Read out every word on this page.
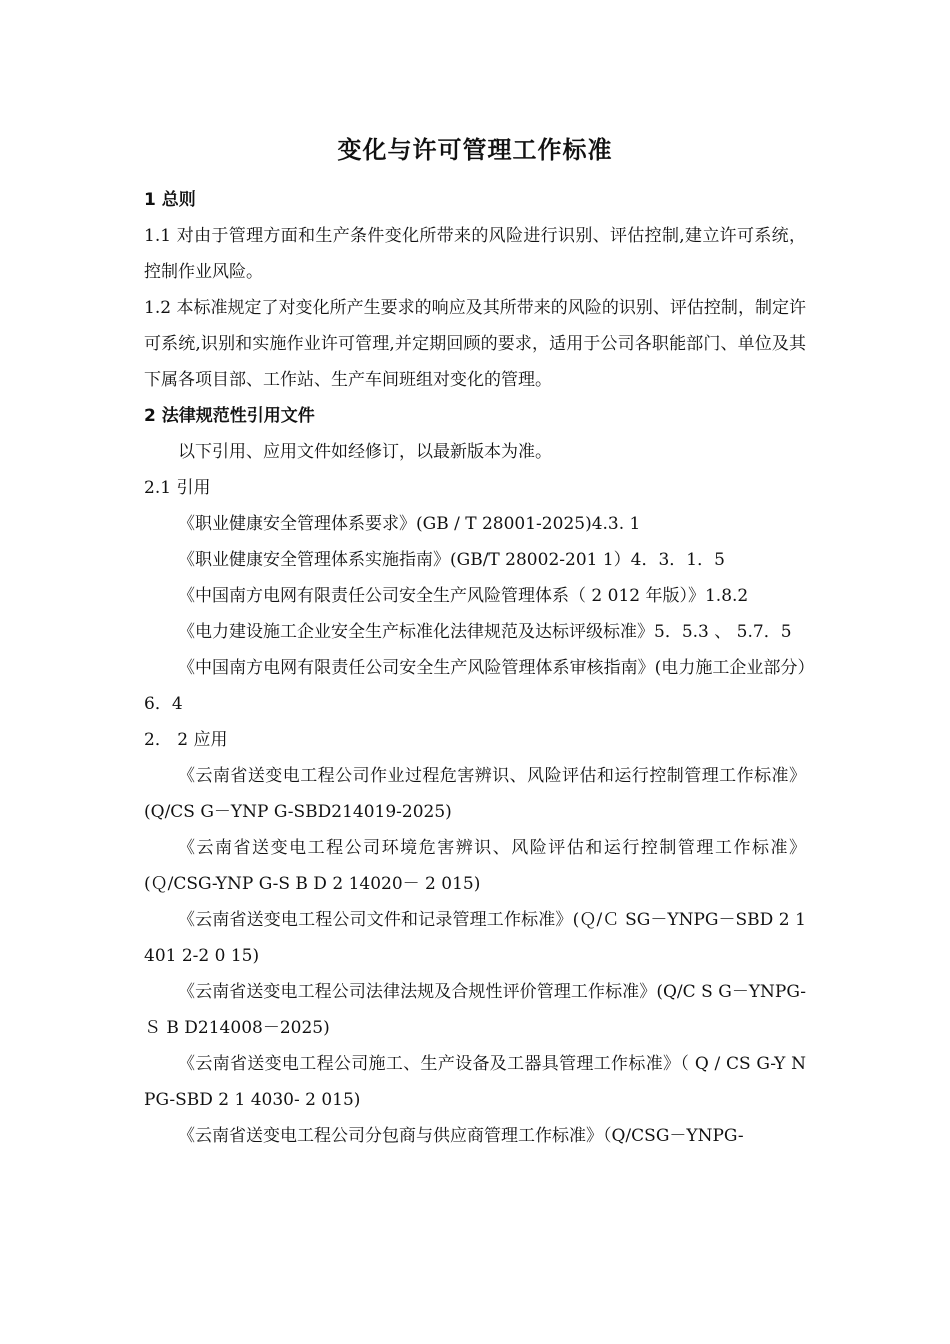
变化与许可管理工作标准

1 总则

1.1 对由于管理方面和生产条件变化所带来的风险进行识别、评估控制,建立许可系统，控制作业风险。

1.2 本标准规定了对变化所产生要求的响应及其所带来的风险的识别、评估控制，制定许可系统,识别和实施作业许可管理,并定期回顾的要求，适用于公司各职能部门、单位及其下属各项目部、工作站、生产车间班组对变化的管理。

2 法律规范性引用文件

以下引用、应用文件如经修订，以最新版本为准。

2.1 引用

《职业健康安全管理体系要求》(GB / T 28001-2025)4.3. 1

《职业健康安全管理体系实施指南》(GB/T 28002-201 1）4．3．1．5

《中国南方电网有限责任公司安全生产风险管理体系（ 2 012 年版）》1.8.2

《电力建设施工企业安全生产标准化法律规范及达标评级标准》5．5.3 、 5.7．5

《中国南方电网有限责任公司安全生产风险管理体系审核指南》(电力施工企业部分）6．4

2． 2 应用

《云南省送变电工程公司作业过程危害辨识、风险评估和运行控制管理工作标准》(Q/CS G－YNP G-SBD214019-2025)

《云南省送变电工程公司环境危害辨识、风险评估和运行控制管理工作标准》(Ｑ/CSG-YNP G-S B D 2 14020－ 2 015)

《云南省送变电工程公司文件和记录管理工作标准》(Ｑ/Ｃ SG－YNPG－SBD 2 1 401 2-2 0 15)

《云南省送变电工程公司法律法规及合规性评价管理工作标准》(Q/C S G－YNPG-Ｓ B D214008－2025)

《云南省送变电工程公司施工、生产设备及工器具管理工作标准》（ Q / CS G-Y N PG-SBD 2 1 4030- 2 015)

《云南省送变电工程公司分包商与供应商管理工作标准》（Q/CSG－YNPG-
